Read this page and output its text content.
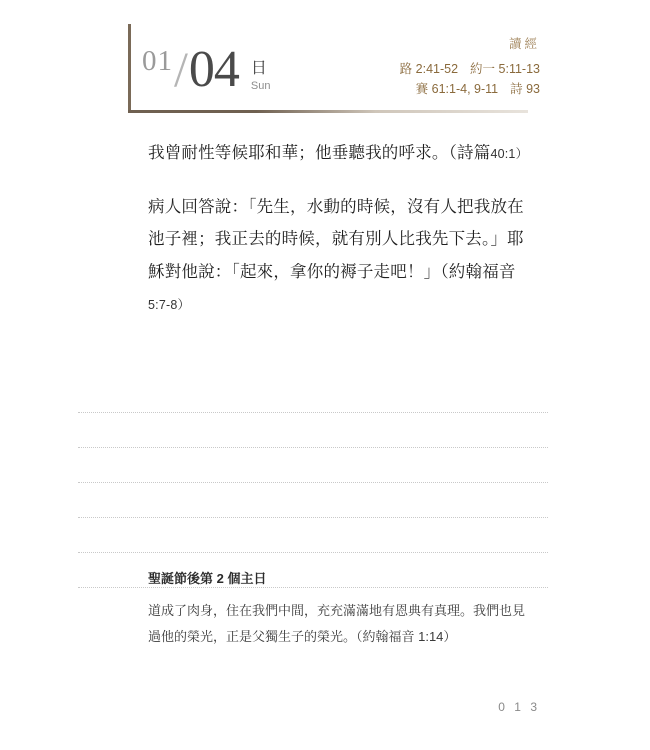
01 / 04 日
Sun
讀經
路 2:41-52 約一 5:11-13
賽 61:1-4, 9-11 詩 93
我曾耐性等候耶和華；他垂聽我的呼求。（詩篇40:1）
病人回答說：「先生，水動的時候，沒有人把我放在池子裡；我正去的時候，就有別人比我先下去。」耶穌對他說：「起來，拿你的褥子走吧！」（約翰福音5:7-8）
聖誕節後第 2 個主日
道成了肉身，住在我們中間，充充滿滿地有恩典有真理。我們也見過他的榮光，正是父獨生子的榮光。（約翰福音 1:14）
0 1 3
